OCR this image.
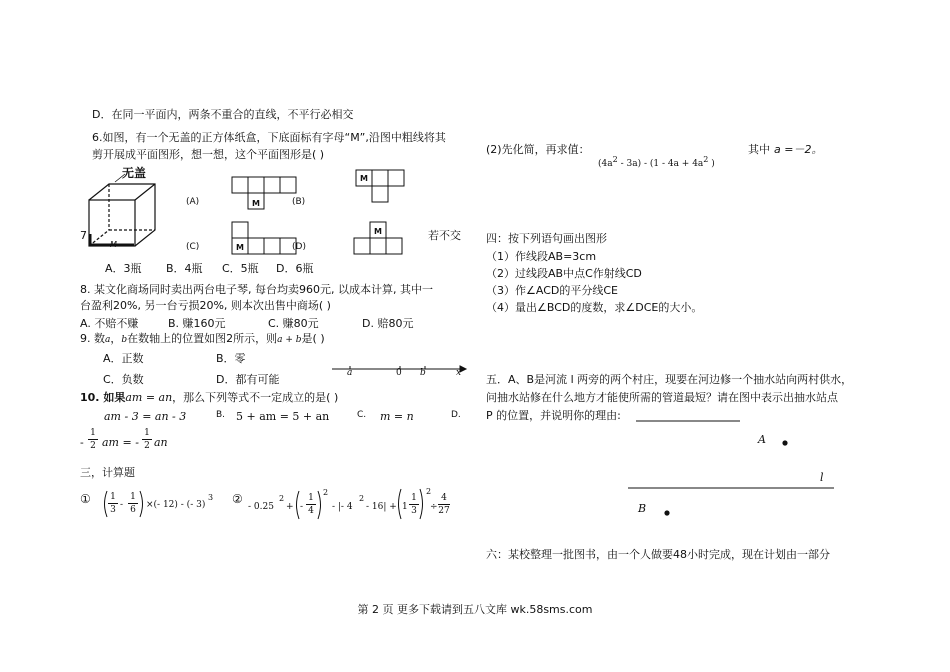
D．在同一平面内，两条不重合的直线，不平行必相交
6.如图，有一个无盖的正方体纸盒，下底面标有字母“M”,沿图中粗线将其
剪开展成平面图形，想一想，这个平面图形是( )
无盖
M
7
M
(A)	(B)
M
M
(C)	(D)
M	若不交
A．3瓶 B．4瓶 C．5瓶 D．6瓶
8. 某文化商场同时卖出两台电子琴, 每台均卖960元, 以成本计算, 其中一
台盈利20%, 另一台亏损20%, 则本次出售中商场( )
A. 不赔不赚	B. 赚160元	C. 赚80元	D. 赔80元
9. 数a，b在数轴上的位置如图2所示，则a + b是( )
A．正数	B．零
C．负数	D．都有可能	a	0 b	x
10. 如果am = an，那么下列等式不一定成立的是( )
am - 3 = an - 3	B. 5 + am = 5 + an	C. m = n	D.
-
1
2 am = -
1
2 an
三，计算题
① 1
3 -
1
6 ×(- 12) - (- 3)
3 ②
- 0.25
2
+ -
1
4
2
- |- 4
2
- 16| + 1
1
3
2
÷
4
27
(2)先化简，再求值：
$(4a^2 - 3a) - (1 - 4a + 4a^2$ )
其中 a =－2。
四：按下列语句画出图形
（1）作线段AB=3cm
（2）过线段AB中点C作射线CD
（3）作∠ACD的平分线CE
（4）量出∠BCD的度数，求∠DCE的大小。
五．A、B是河流 l 两旁的两个村庄，现要在河边修一个抽水站向两村供水，
问抽水站修在什么地方才能使所需的管道最短？请在图中表示出抽水站点
P 的位置，并说明你的理由:
A
l
B
六：某校整理一批图书，由一个人做要48小时完成，现在计划由一部分
第 2 页 更多下载请到五八文库 wk.58sms.com
